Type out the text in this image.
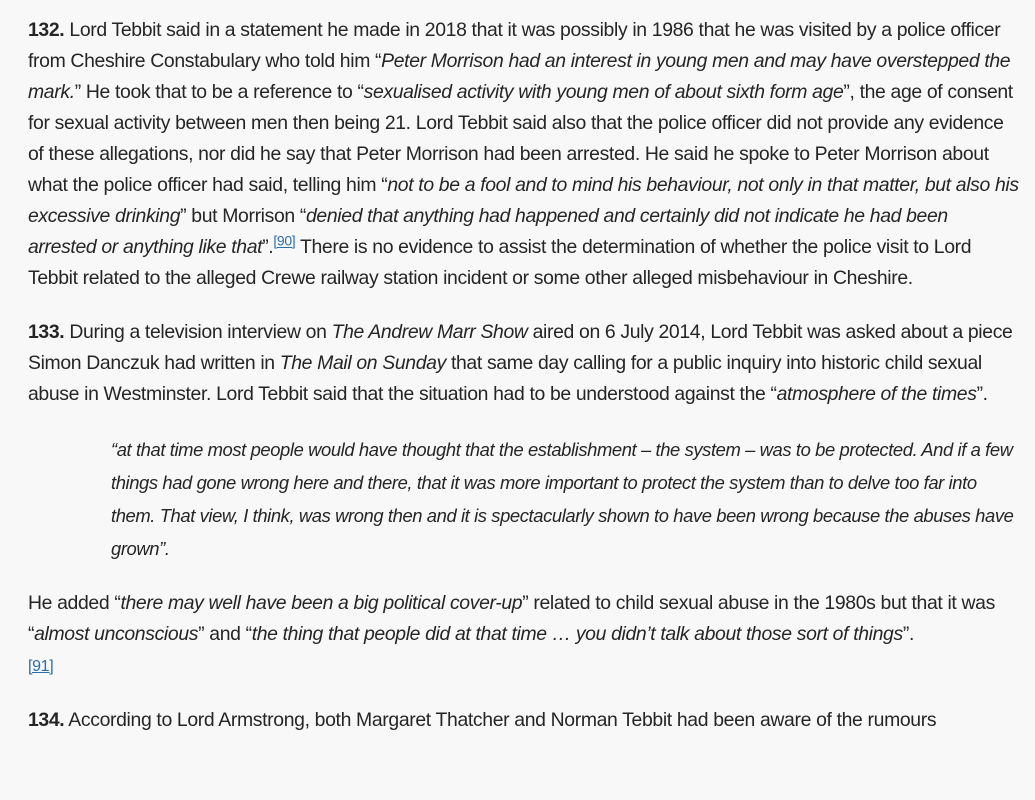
132. Lord Tebbit said in a statement he made in 2018 that it was possibly in 1986 that he was visited by a police officer from Cheshire Constabulary who told him “Peter Morrison had an interest in young men and may have overstepped the mark.” He took that to be a reference to “sexualised activity with young men of about sixth form age”, the age of consent for sexual activity between men then being 21. Lord Tebbit said also that the police officer did not provide any evidence of these allegations, nor did he say that Peter Morrison had been arrested. He said he spoke to Peter Morrison about what the police officer had said, telling him “not to be a fool and to mind his behaviour, not only in that matter, but also his excessive drinking” but Morrison “denied that anything had happened and certainly did not indicate he had been arrested or anything like that”.[90] There is no evidence to assist the determination of whether the police visit to Lord Tebbit related to the alleged Crewe railway station incident or some other alleged misbehaviour in Cheshire.

133. During a television interview on The Andrew Marr Show aired on 6 July 2014, Lord Tebbit was asked about a piece Simon Danczuk had written in The Mail on Sunday that same day calling for a public inquiry into historic child sexual abuse in Westminster. Lord Tebbit said that the situation had to be understood against the “atmosphere of the times”.

“at that time most people would have thought that the establishment – the system – was to be protected. And if a few things had gone wrong here and there, that it was more important to protect the system than to delve too far into them. That view, I think, was wrong then and it is spectacularly shown to have been wrong because the abuses have grown”.

He added “there may well have been a big political cover-up” related to child sexual abuse in the 1980s but that it was “almost unconscious” and “the thing that people did at that time … you didn’t talk about those sort of things”.
[91]

134. According to Lord Armstrong, both Margaret Thatcher and Norman Tebbit had been aware of the rumours
